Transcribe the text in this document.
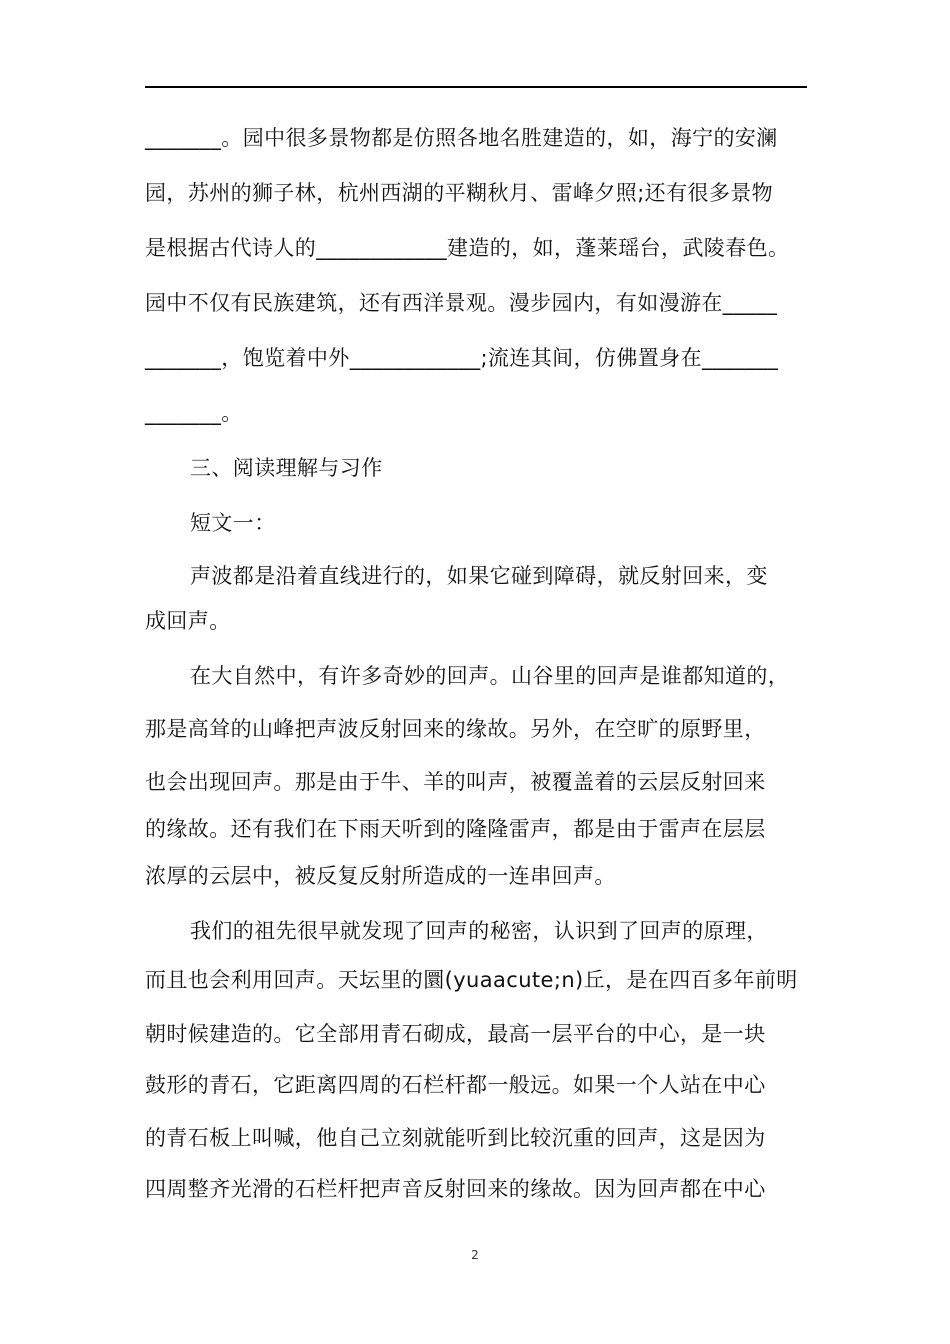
_______。园中很多景物都是仿照各地名胜建造的，如，海宁的安澜
园，苏州的狮子林，杭州西湖的平糊秋月、雷峰夕照;还有很多景物
是根据古代诗人的____________建造的，如，蓬莱瑶台，武陵春色。
园中不仅有民族建筑，还有西洋景观。漫步园内，有如漫游在_____
_______，饱览着中外____________;流连其间，仿佛置身在_______
_______。
三、阅读理解与习作
短文一：
声波都是沿着直线进行的，如果它碰到障碍，就反射回来，变
成回声。
在大自然中，有许多奇妙的回声。山谷里的回声是谁都知道的，
那是高耸的山峰把声波反射回来的缘故。另外，在空旷的原野里，
也会出现回声。那是由于牛、羊的叫声，被覆盖着的云层反射回来
的缘故。还有我们在下雨天听到的隆隆雷声，都是由于雷声在层层
浓厚的云层中，被反复反射所造成的一连串回声。
我们的祖先很早就发现了回声的秘密，认识到了回声的原理，
而且也会利用回声。天坛里的圜(yuaacute;n)丘，是在四百多年前明
朝时候建造的。它全部用青石砌成，最高一层平台的中心，是一块
鼓形的青石，它距离四周的石栏杆都一般远。如果一个人站在中心
的青石板上叫喊，他自己立刻就能听到比较沉重的回声，这是因为
四周整齐光滑的石栏杆把声音反射回来的缘故。因为回声都在中心
2
